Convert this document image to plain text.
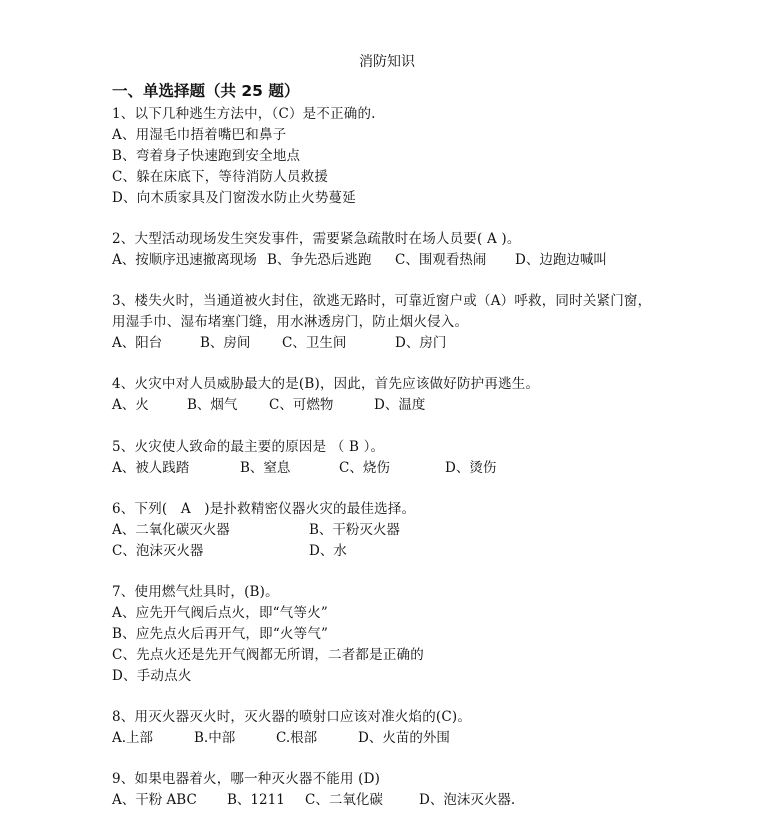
消防知识
一、单选择题（共 25 题）
1、以下几种逃生方法中，（C）是不正确的.
A、用湿毛巾捂着嘴巴和鼻子
B、弯着身子快速跑到安全地点
C、躲在床底下，等待消防人员救援
D、向木质家具及门窗泼水防止火势蔓延
2、大型活动现场发生突发事件，需要紧急疏散时在场人员要( A )。
A、按顺序迅速撤离现场 B、争先恐后逃跑 C、围观看热闹 D、边跑边喊叫
3、楼失火时，当通道被火封住，欲逃无路时，可靠近窗户或（A）呼救，同时关紧门窗，
用湿手巾、湿布堵塞门缝，用水淋透房门，防止烟火侵入。
A、阳台	B、房间 C、卫生间	D、房门
4、火灾中对人员威胁最大的是(B)，因此，首先应该做好防护再逃生。
A、火	B、烟气 C、可燃物	D、温度
5、火灾使人致命的最主要的原因是 （ B ）。
A、被人践踏	B、窒息	C、烧伤	D、烫伤
6、下列(   A   )是扑救精密仪器火灾的最佳选择。
A、二氧化碳灭火器	B、干粉灭火器
C、泡沫灭火器	D、水
7、使用燃气灶具时，(B)。
A、应先开气阀后点火，即“气等火”
B、应先点火后再开气，即“火等气”
C、先点火还是先开气阀都无所谓，二者都是正确的
D、手动点火
8、用灭火器灭火时，灭火器的喷射口应该对准火焰的(C)。
A.上部	B.中部	C.根部	D、火苗的外围
9、如果电器着火，哪一种灭火器不能用 (D)
A、干粉 ABC B、1211 C、二氧化碳	D、泡沫灭火器.
